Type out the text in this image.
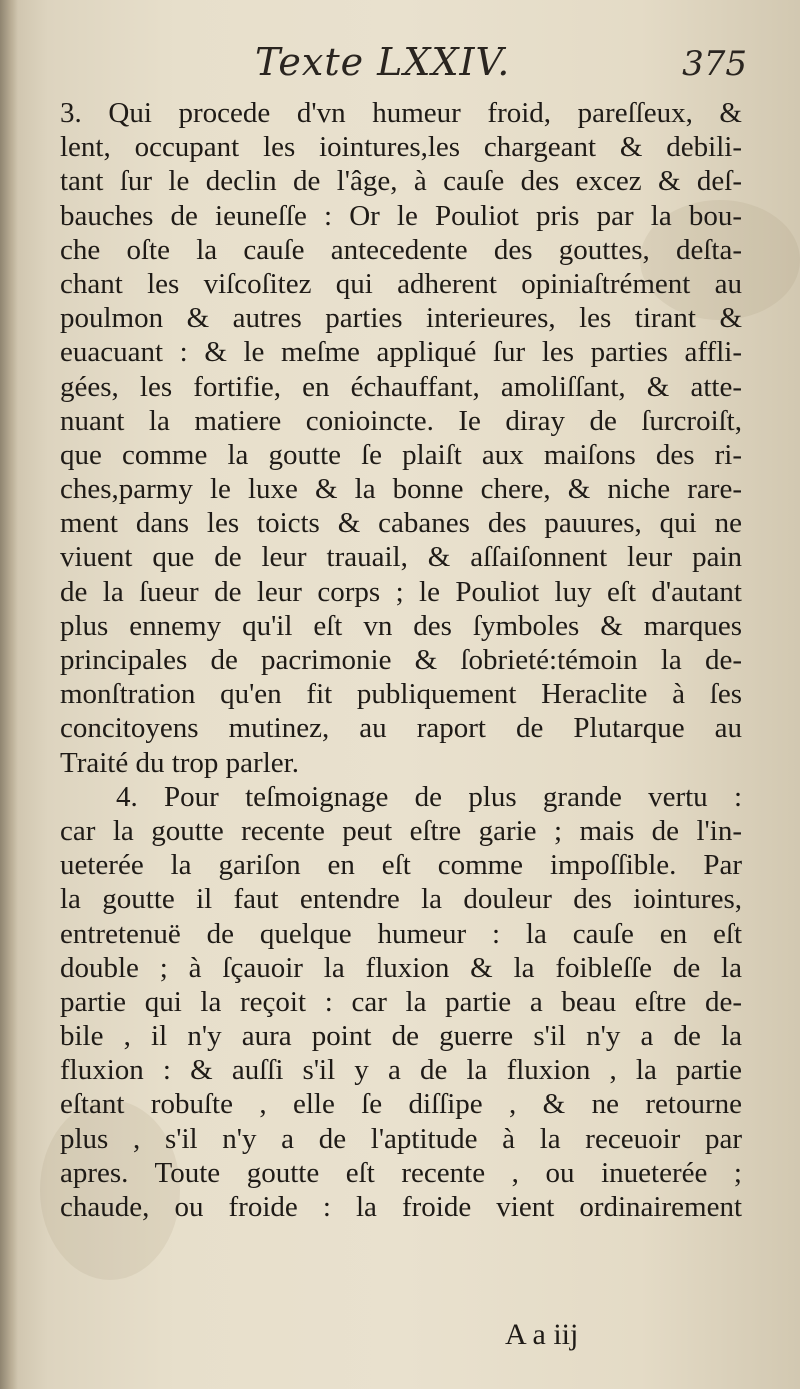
Texte LXXIV.	375
3. Qui procede d'vn humeur froid, pareſſeux, &
lent, occupant les iointures,les chargeant & debili-
tant ſur le declin de l'âge, à cauſe des excez & deſ-
bauches de ieuneſſe : Or le Pouliot pris par la bou-
che oſte la cauſe antecedente des gouttes, deſta-
chant les viſcoſitez qui adherent opiniaſtrément au
poulmon & autres parties interieures, les tirant &
euacuant : & le meſme appliqué ſur les parties affli-
gées, les fortifie, en échauffant, amoliſſant, & atte-
nuant la matiere conioincte. Ie diray de ſurcroiſt,
que comme la goutte ſe plaiſt aux maiſons des ri-
ches,parmy le luxe & la bonne chere, & niche rare-
ment dans les toicts & cabanes des pauures, qui ne
viuent que de leur trauail, & aſſaiſonnent leur pain
de la ſueur de leur corps ; le Pouliot luy eſt d'autant
plus ennemy qu'il eſt vn des ſymboles & marques
principales de pacrimonie & ſobrieté:témoin la de-
monſtration qu'en fit publiquement Heraclite à ſes
concitoyens mutinez, au raport de Plutarque au
Traité du trop parler.
4. Pour teſmoignage de plus grande vertu :
car la goutte recente peut eſtre garie ; mais de l'in-
ueterée la gariſon en eſt comme impoſſible. Par
la goutte il faut entendre la douleur des iointures,
entretenuë de quelque humeur : la cauſe en eſt
double ; à ſçauoir la fluxion & la foibleſſe de la
partie qui la reçoit : car la partie a beau eſtre de-
bile , il n'y aura point de guerre s'il n'y a de la
fluxion : & auſſi s'il y a de la fluxion , la partie
eſtant robuſte , elle ſe diſſipe , & ne retourne
plus , s'il n'y a de l'aptitude à la receuoir par
apres. Toute goutte eſt recente , ou inueterée ;
chaude, ou froide : la froide vient ordinairement
A a iij
